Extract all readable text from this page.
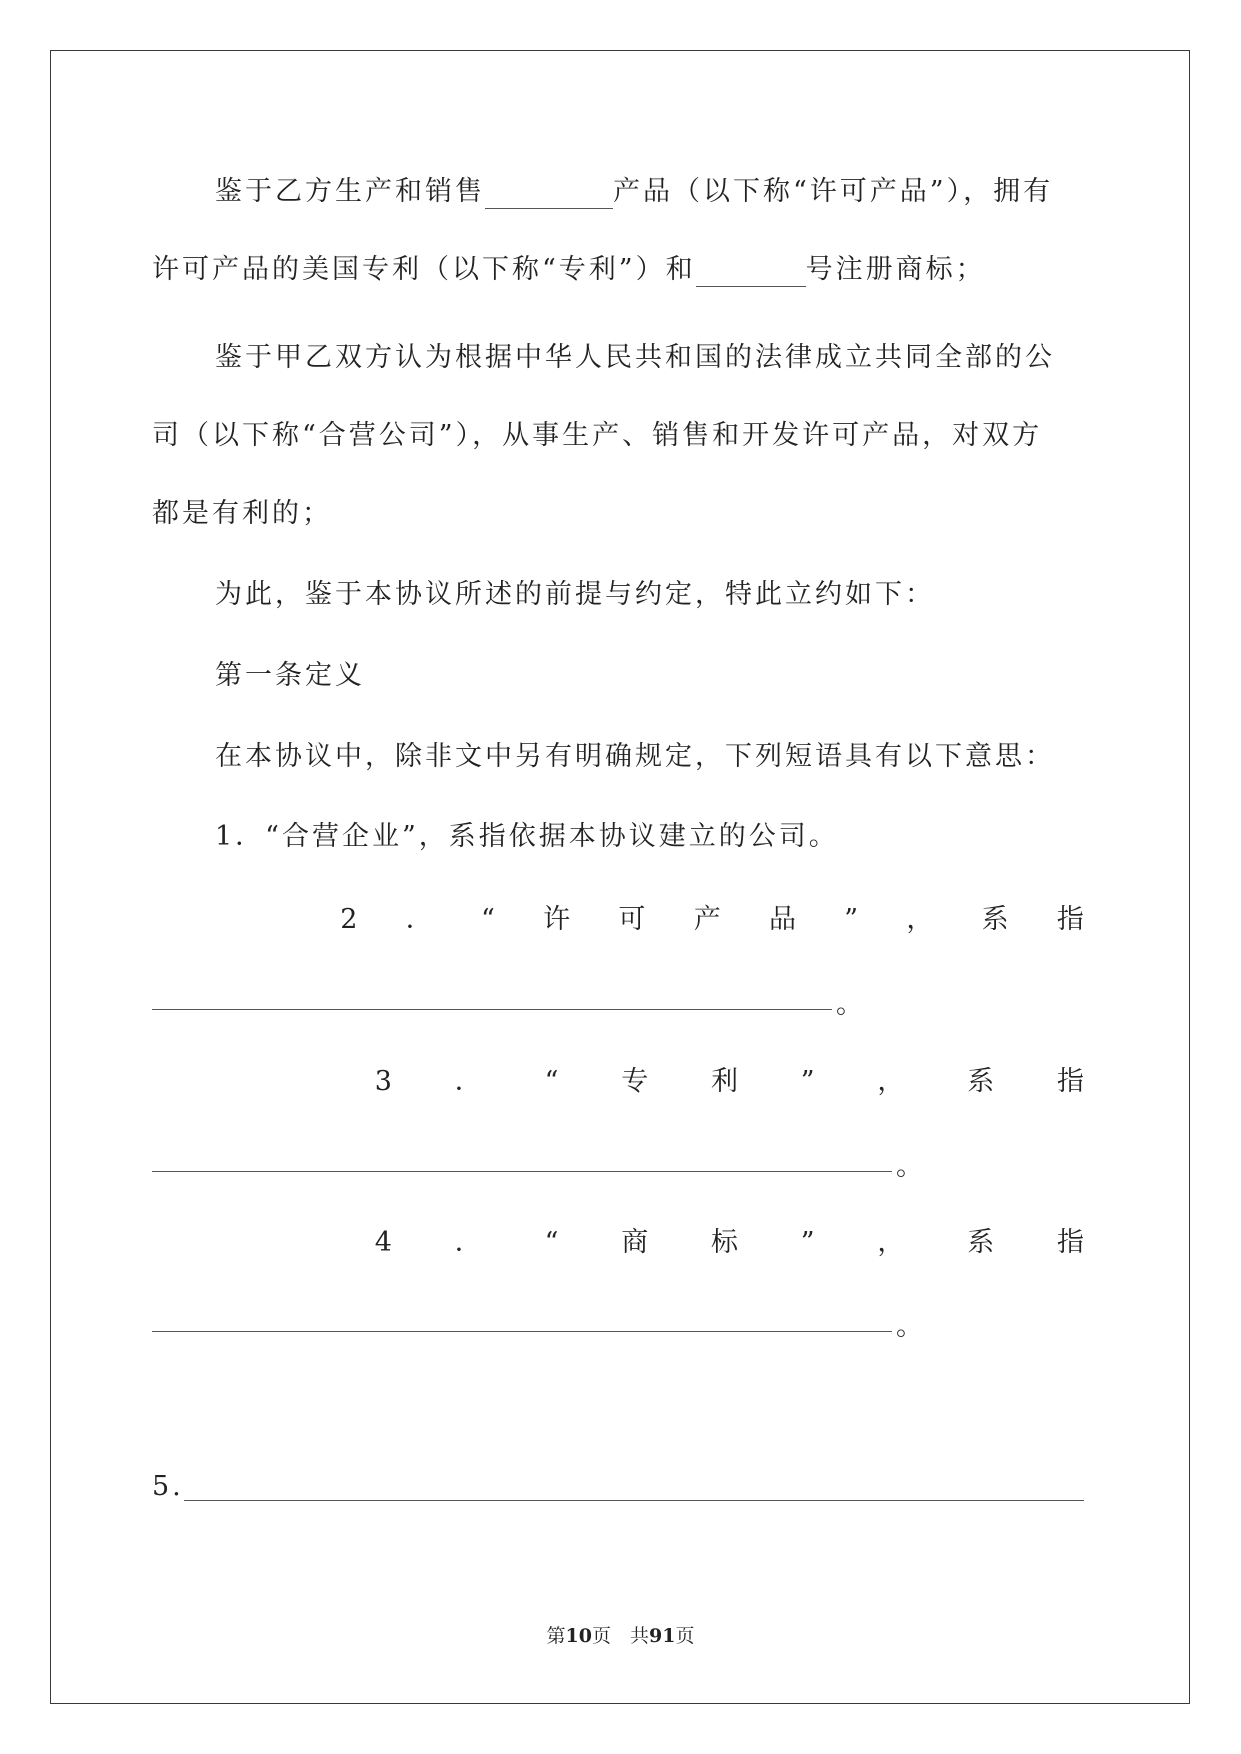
鉴于乙方生产和销售	产品（以下称“许可产品”），拥有
许可产品的美国专利（以下称“专利”）和	号注册商标；
鉴于甲乙双方认为根据中华人民共和国的法律成立共同全部的公
司（以下称“合营公司”），从事生产、销售和开发许可产品，对双方
都是有利的；
为此，鉴于本协议所述的前提与约定，特此立约如下：
第一条定义
在本协议中，除非文中另有明确规定，下列短语具有以下意思：
1．“合营企业”，系指依据本协议建立的公司。
2 ． “ 许 可 产 品 ” ， 系 指
。
3 ． “ 专 利 ” ， 系 指
。
4 ． “ 商 标 ” ， 系 指
。
5.
第10页　共91页
